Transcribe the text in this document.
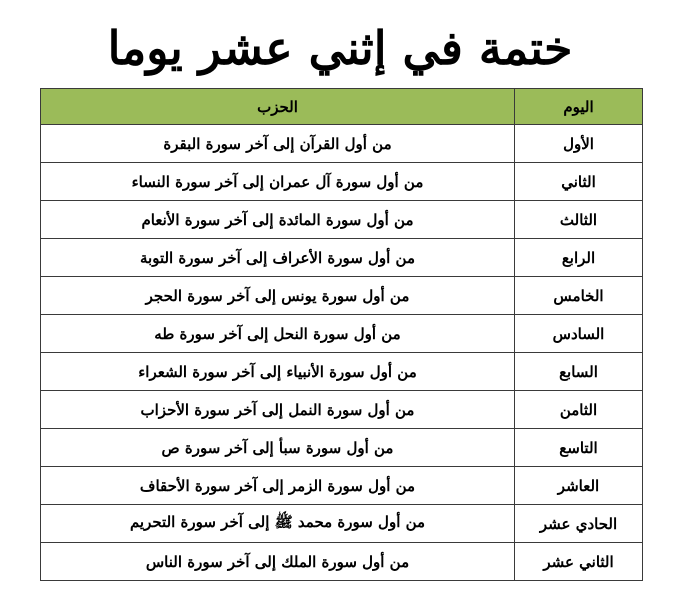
ختمة في إثني عشر يوما
اليوم	الحزب
الأول	من أول القرآن إلى آخر سورة البقرة
الثاني	من أول سورة آل عمران إلى آخر سورة النساء
الثالث	من أول سورة المائدة إلى آخر سورة الأنعام
الرابع	من أول سورة الأعراف إلى آخر سورة التوبة
الخامس	من أول سورة يونس إلى آخر سورة الحجر
السادس	من أول سورة النحل إلى آخر سورة طه
السابع	من أول سورة الأنبياء إلى آخر سورة الشعراء
الثامن	من أول سورة النمل إلى آخر سورة الأحزاب
التاسع	من أول سورة سبأ إلى آخر سورة ص
العاشر	من أول سورة الزمر إلى آخر سورة الأحقاف
الحادي عشر	من أول سورة محمد ﷺ إلى آخر سورة التحريم
الثاني عشر	من أول سورة الملك إلى آخر سورة الناس
